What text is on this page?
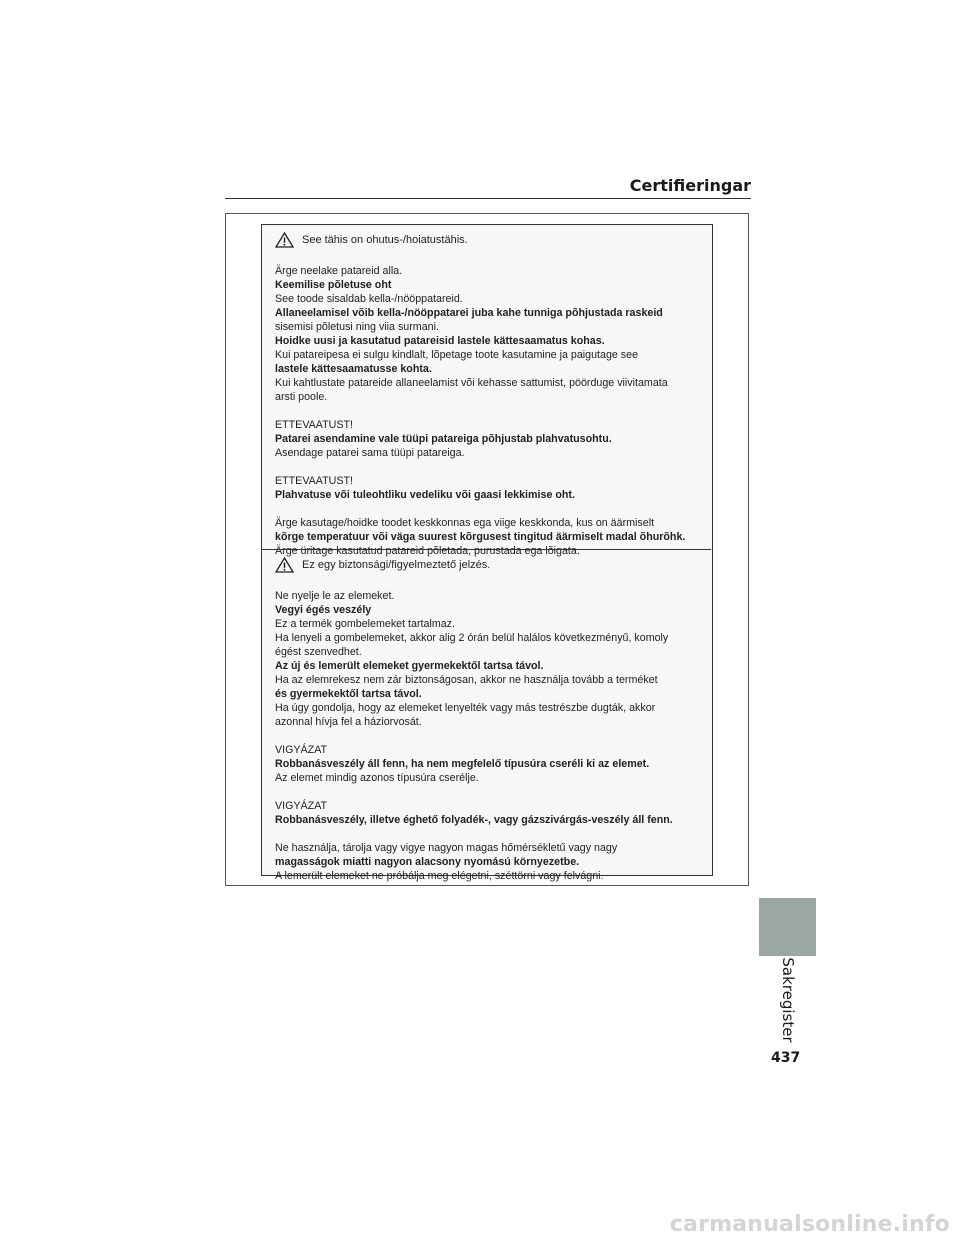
Certifieringar
See tähis on ohutus-/hoiatustähis.
Ärge neelake patareid alla.
Keemilise põletuse oht
See toode sisaldab kella-/nööppatareid.
Allaneelamisel võib kella-/nööppatarei juba kahe tunniga põhjustada raskeid
sisemisi põletusi ning viia surmani.
Hoidke uusi ja kasutatud patareisid lastele kättesaamatus kohas.
Kui patareipesa ei sulgu kindlalt, lõpetage toote kasutamine ja paigutage see
lastele kättesaamatusse kohta.
Kui kahtlustate patareide allaneelamist või kehasse sattumist, pöörduge viivitamata
arsti poole.
ETTEVAATUST!
Patarei asendamine vale tüüpi patareiga põhjustab plahvatusohtu.
Asendage patarei sama tüüpi patareiga.
ETTEVAATUST!
Plahvatuse või tuleohtliku vedeliku või gaasi lekkimise oht.
Ärge kasutage/hoidke toodet keskkonnas ega viige keskkonda, kus on äärmiselt
kõrge temperatuur või väga suurest kõrgusest tingitud äärmiselt madal õhurõhk.
Ärge üritage kasutatud patareid põletada, purustada ega lõigata.
Ez egy biztonsági/figyelmeztető jelzés.
Ne nyelje le az elemeket.
Vegyi égés veszély
Ez a termék gombelemeket tartalmaz.
Ha lenyeli a gombelemeket, akkor alig 2 órán belül halálos következményű, komoly
égést szenvedhet.
Az új és lemerült elemeket gyermekektől tartsa távol.
Ha az elemrekesz nem zár biztonságosan, akkor ne használja tovább a terméket
és gyermekektől tartsa távol.
Ha úgy gondolja, hogy az elemeket lenyelték vagy más testrészbe dugták, akkor
azonnal hívja fel a háziorvosát.
VIGYÁZAT
Robbanásveszély áll fenn, ha nem megfelelő típusúra cseréli ki az elemet.
Az elemet mindig azonos típusúra cserélje.
VIGYÁZAT
Robbanásveszély, illetve éghető folyadék-, vagy gázszivárgás-veszély áll fenn.
Ne használja, tárolja vagy vigye nagyon magas hőmérsékletű vagy nagy
magasságok miatti nagyon alacsony nyomású környezetbe.
A lemerült elemeket ne próbálja meg elégetni, széttörni vagy felvágni.
Sakregister
437
carmanualsonline.info
